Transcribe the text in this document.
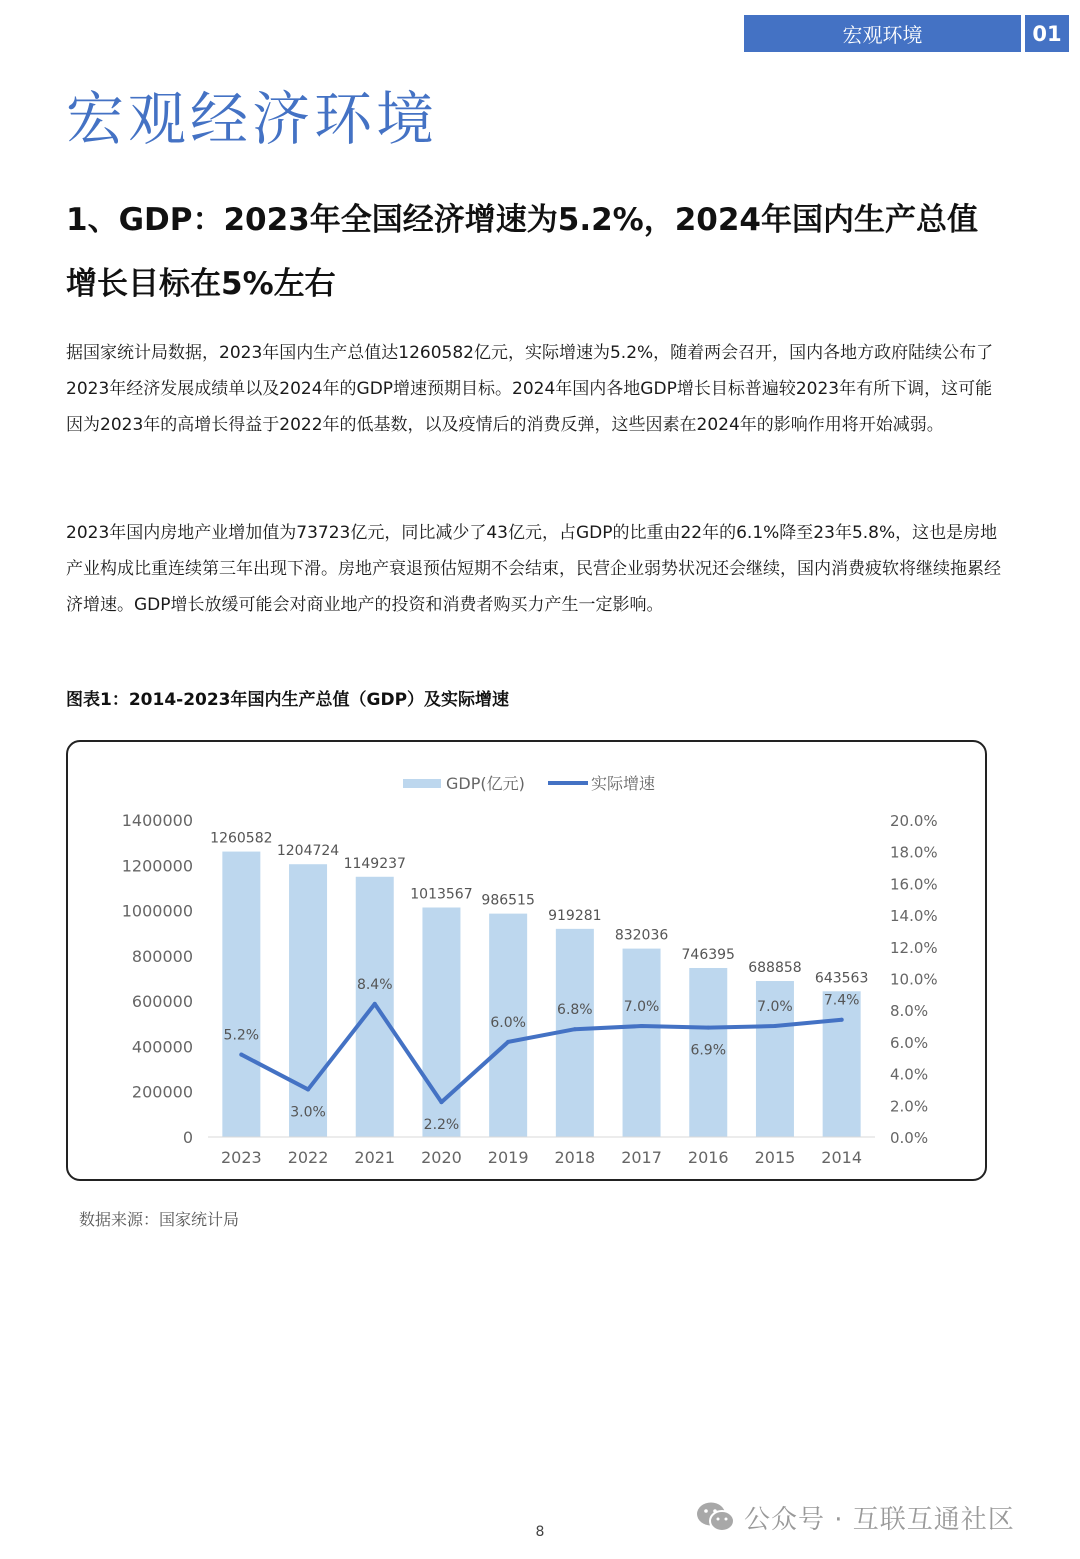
宏观环境	01
宏观经济环境
1、GDP：2023年全国经济增速为5.2%，2024年国内生产总值增长目标在5%左右

据国家统计局数据，2023年国内生产总值达1260582亿元，实际增速为5.2%，随着两会召开，国内各地方政府陆续公布了2023年经济发展成绩单以及2024年的GDP增速预期目标。2024年国内各地GDP增长目标普遍较2023年有所下调，这可能因为2023年的高增长得益于2022年的低基数，以及疫情后的消费反弹，这些因素在2024年的影响作用将开始减弱。

2023年国内房地产业增加值为73723亿元，同比减少了43亿元，占GDP的比重由22年的6.1%降至23年5.8%，这也是房地产业构成比重连续第三年出现下滑。房地产衰退预估短期不会结束，民营企业弱势状况还会继续，国内消费疲软将继续拖累经济增速。GDP增长放缓可能会对商业地产的投资和消费者购买力产生一定影响。

图表1：2014-2023年国内生产总值（GDP）及实际增速

GDP(亿元)	实际增速
0
200000
400000
600000
800000
1000000
1200000
1400000
0.0%
2.0%
4.0%
6.0%
8.0%
10.0%
12.0%
14.0%
16.0%
18.0%
20.0%
1260582
1204724
1149237
1013567 986515
919281
832036
746395
688858
643563
5.2%
3.0%
8.4%
2.2%
6.0%
6.8% 7.0%
6.9%
7.0% 7.4%
2023 2022 2021 2020 2019 2018 2017 2016 2015 2014
数据来源：国家统计局
公众号 · 互联互通社区
8
